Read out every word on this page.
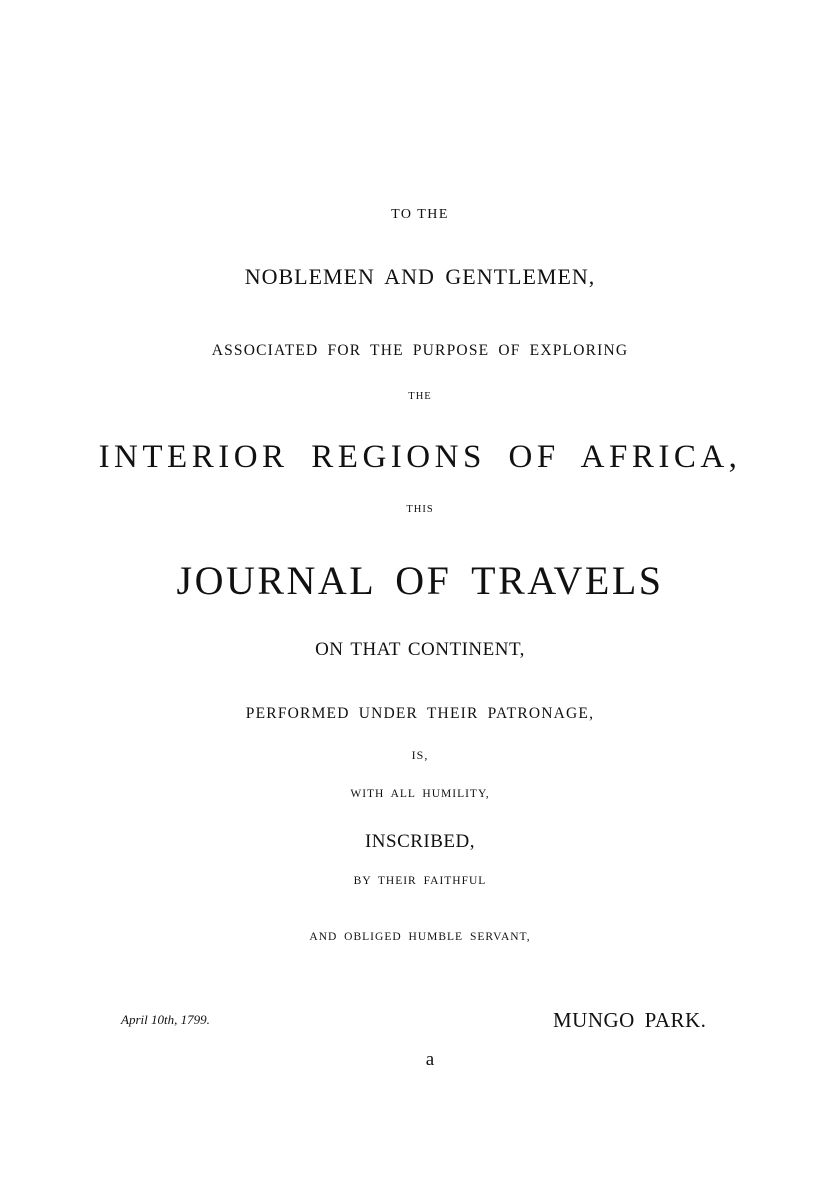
TO THE
NOBLEMEN AND GENTLEMEN,
ASSOCIATED FOR THE PURPOSE OF EXPLORING
THE
INTERIOR REGIONS OF AFRICA,
THIS
JOURNAL OF TRAVELS
ON THAT CONTINENT,
PERFORMED UNDER THEIR PATRONAGE,
IS,
WITH ALL HUMILITY,
INSCRIBED,
BY THEIR FAITHFUL
AND OBLIGED HUMBLE SERVANT,
April 10th, 1799.	MUNGO PARK.
a
